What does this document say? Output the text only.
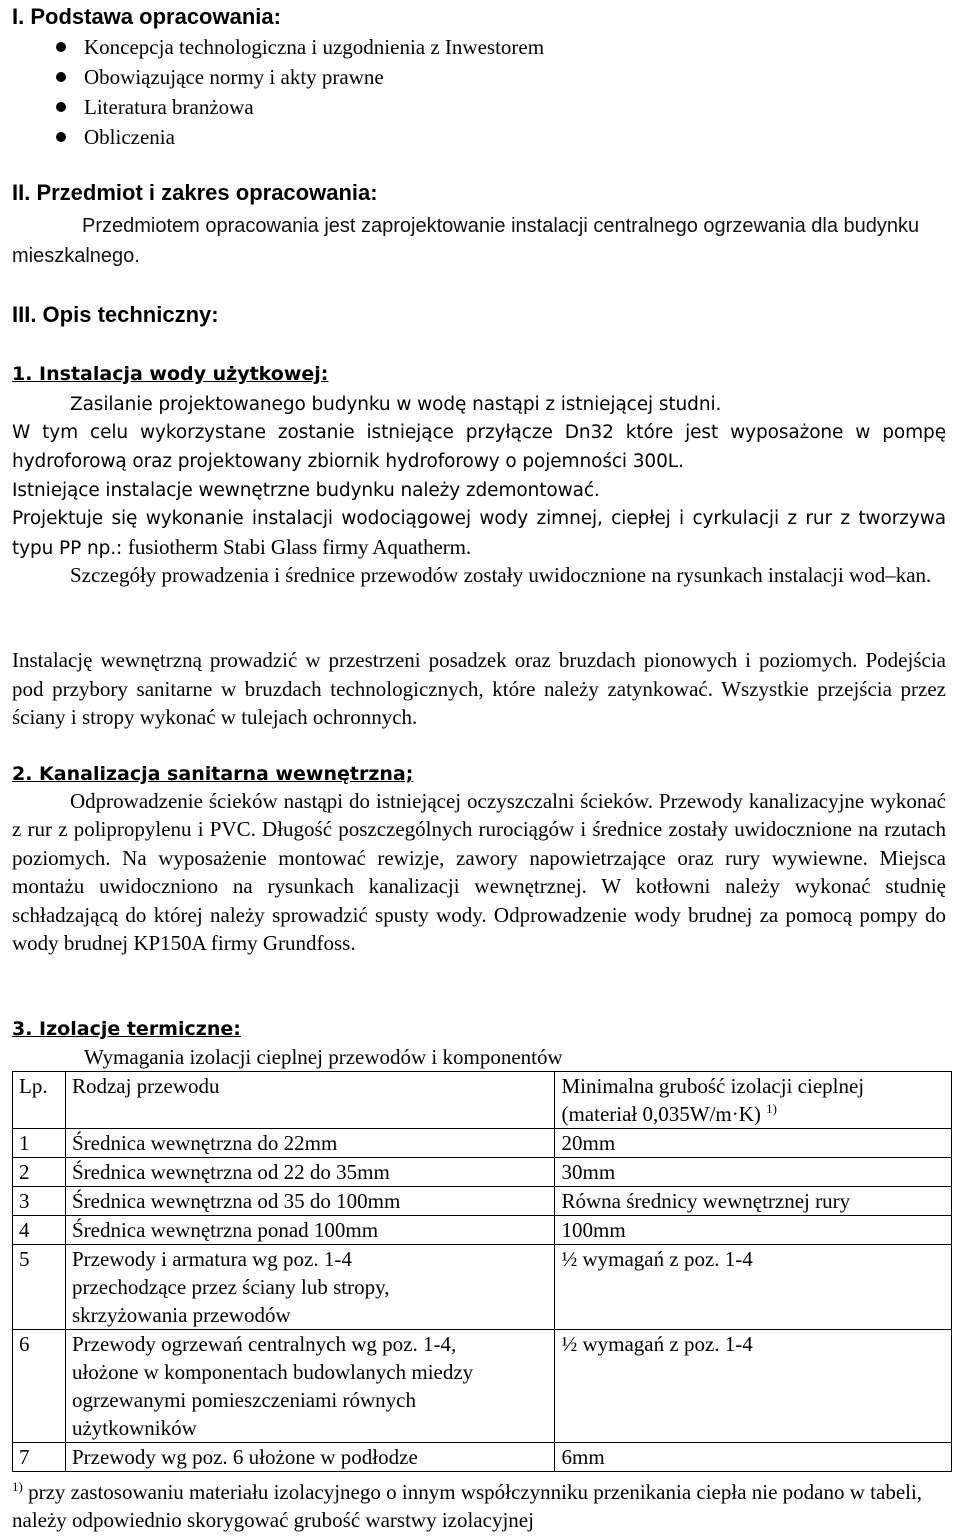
I. Podstawa opracowania:
Koncepcja technologiczna i uzgodnienia z Inwestorem
Obowiązujące normy i akty prawne
Literatura branżowa
Obliczenia
II. Przedmiot i zakres opracowania:
Przedmiotem opracowania jest zaprojektowanie instalacji centralnego ogrzewania dla budynku mieszkalnego.
III. Opis techniczny:
1. Instalacja wody użytkowej:
Zasilanie projektowanego budynku w wodę nastąpi z istniejącej studni.
W tym celu wykorzystane zostanie istniejące przyłącze Dn32 które jest wyposażone w pompę hydroforową oraz projektowany zbiornik hydroforowy o pojemności 300L.
Istniejące instalacje wewnętrzne budynku należy zdemontować.
Projektuje się wykonanie instalacji wodociągowej wody zimnej, ciepłej i cyrkulacji z rur z tworzywa typu PP np.: fusiotherm Stabi Glass firmy Aquatherm.
Szczegóły prowadzenia i średnice przewodów zostały uwidocznione na rysunkach instalacji wod–kan.
Instalację wewnętrzną prowadzić w przestrzeni posadzek oraz bruzdach pionowych i poziomych. Podejścia pod przybory sanitarne w bruzdach technologicznych, które należy zatynkować. Wszystkie przejścia przez ściany i stropy wykonać w tulejach ochronnych.
2. Kanalizacja sanitarna wewnętrzna;
Odprowadzenie ścieków nastąpi do istniejącej oczyszczalni ścieków. Przewody kanalizacyjne wykonać z rur z polipropylenu i PVC. Długość poszczególnych rurociągów i średnice zostały uwidocznione na rzutach poziomych. Na wyposażenie montować rewizje, zawory napowietrzające oraz rury wywiewne. Miejsca montażu uwidoczniono na rysunkach kanalizacji wewnętrznej. W kotłowni należy wykonać studnię schładzającą do której należy sprowadzić spusty wody. Odprowadzenie wody brudnej za pomocą pompy do wody brudnej KP150A firmy Grundfoss.
3. Izolacje termiczne:
Wymagania izolacji cieplnej przewodów i komponentów
Lp.	Rodzaj przewodu	Minimalna grubość izolacji cieplnej
(materiał 0,035W/m·K) $^{1)}$
1	Średnica wewnętrzna do 22mm	20mm
2	Średnica wewnętrzna od 22 do 35mm	30mm
3	Średnica wewnętrzna od 35 do 100mm	Równa średnicy wewnętrznej rury
4	Średnica wewnętrzna ponad 100mm	100mm
5	Przewody i armatura wg poz. 1-4 przechodzące przez ściany lub stropy, skrzyżowania przewodów	½ wymagań z poz. 1-4
6	Przewody ogrzewań centralnych wg poz. 1-4, ułożone w komponentach budowlanych miedzy ogrzewanymi pomieszczeniami równych użytkowników	½ wymagań z poz. 1-4
7	Przewody wg poz. 6 ułożone w podłodze	6mm
$^{1)}$ przy zastosowaniu materiału izolacyjnego o innym współczynniku przenikania ciepła nie podano w tabeli, należy odpowiednio skorygować grubość warstwy izolacyjnej
